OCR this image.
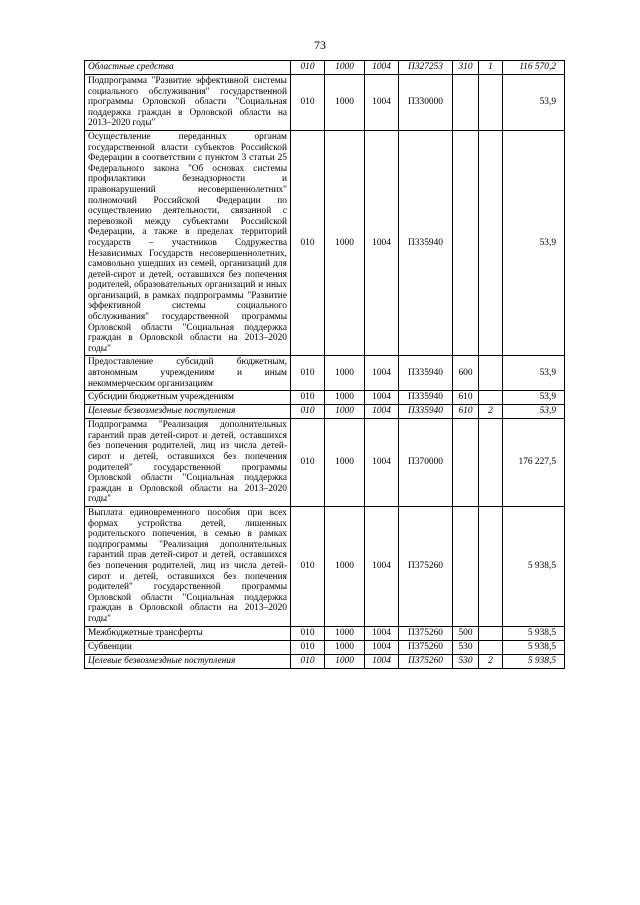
73
Областные средства	010	1000	1004	П327253	310	1	116 570,2
Подпрограмма "Развитие эффективной системы социального обслуживания" государственной программы Орловской области "Социальная поддержка граждан в Орловской области на 2013–2020 годы"	010	1000	1004	П330000			53,9
Осуществление переданных органам государственной власти субъектов Российской Федерации в соответствии с пунктом 3 статьи 25 Федерального закона "Об основах системы профилактики безнадзорности и правонарушений несовершеннолетних" полномочий Российской Федерации по осуществлению деятельности, связанной с перевозкой между субъектами Российской Федерации, а также в пределах территорий государств – участников Содружества Независимых Государств несовершеннолетних, самовольно ушедших из семей, организаций для детей-сирот и детей, оставшихся без попечения родителей, образовательных организаций и иных организаций, в рамках подпрограммы "Развитие эффективной системы социального обслуживания" государственной программы Орловской области "Социальная поддержка граждан в Орловской области на 2013–2020 годы"	010	1000	1004	П335940			53,9
Предоставление субсидий бюджетным, автономным учреждениям и иным некоммерческим организациям	010	1000	1004	П335940	600		53,9
Субсидии бюджетным учреждениям	010	1000	1004	П335940	610		53,9
Целевые безвозмездные поступления	010	1000	1004	П335940	610	2	53,9
Подпрограмма "Реализация дополнительных гарантий прав детей-сирот и детей, оставшихся без попечения родителей, лиц из числа детей-сирот и детей, оставшихся без попечения родителей" государственной программы Орловской области "Социальная поддержка граждан в Орловской области на 2013–2020 годы"	010	1000	1004	П370000			176 227,5
Выплата единовременного пособия при всех формах устройства детей, лишенных родительского попечения, в семью в рамках подпрограммы "Реализация дополнительных гарантий прав детей-сирот и детей, оставшихся без попечения родителей, лиц из числа детей-сирот и детей, оставшихся без попечения родителей" государственной программы Орловской области "Социальная поддержка граждан в Орловской области на 2013–2020 годы"	010	1000	1004	П375260			5 938,5
Межбюджетные трансферты	010	1000	1004	П375260	500		5 938,5
Субвенции	010	1000	1004	П375260	530		5 938,5
Целевые безвозмездные поступления	010	1000	1004	П375260	530	2	5 938,5
